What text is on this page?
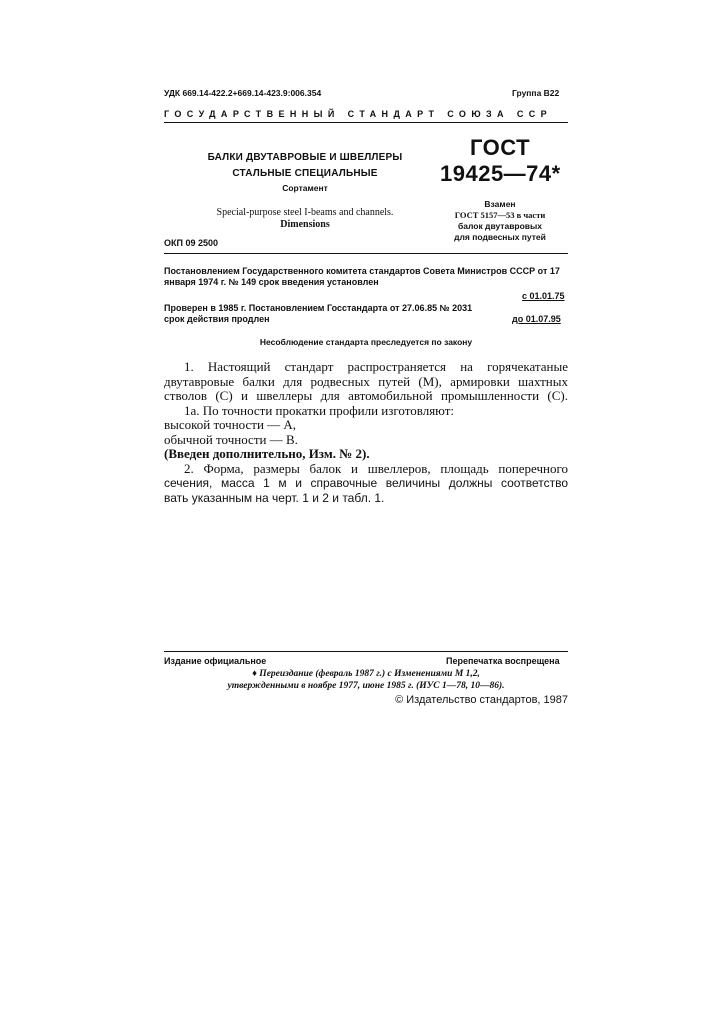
УДК 669.14-422.2+669.14-423.9:006.354	Группа В22
ГОСУДАРСТВЕННЫЙ СТАНДАРТ СОЮЗА ССР
БАЛКИ ДВУТАВРОВЫЕ И ШВЕЛЛЕРЫ
СТАЛЬНЫЕ СПЕЦИАЛЬНЫЕ
Сортамент
ГОСТ
19425—74*
Special-purpose steel I-beams and channels.
Dimensions
Взамен
ГОСТ 5157—53 в части
балок двутавровых
для подвесных путей
ОКП 09 2500
Постановлением Государственного комитета стандартов Совета Министров СССР от 17 января 1974 г. № 149 срок введения установлен
с 01.01.75
Проверен в 1985 г. Постановлением Госстандарта от 27.06.85 № 2031 срок действия продлен	до 01.07.95
Несоблюдение стандарта преследуется по закону

1. Настоящий стандарт распространяется на горячекатаные

двутавровые балки для родвесных путей (М), армировки шахтных

стволов (С) и швеллеры для автомобильной промышленности (С).

1а. По точности прокатки профили изготовляют:

высокой точности — А,

обычной точности — В.

(Введен дополнительно, Изм. № 2).

2. Форма, размеры балок и швеллеров, площадь поперечного

сечения, масса 1 м и справочные величины должны соответство

вать указанным на черт. 1 и 2 и табл. 1.

Издание официальное	Перепечатка воспрещена
♦ Переиздание (февраль 1987 г.) с Изменениями М 1,2,
утвержденными в ноябре 1977, июне 1985 г. (ИУС 1—78, 10—86).
© Издательство стандартов, 1987
